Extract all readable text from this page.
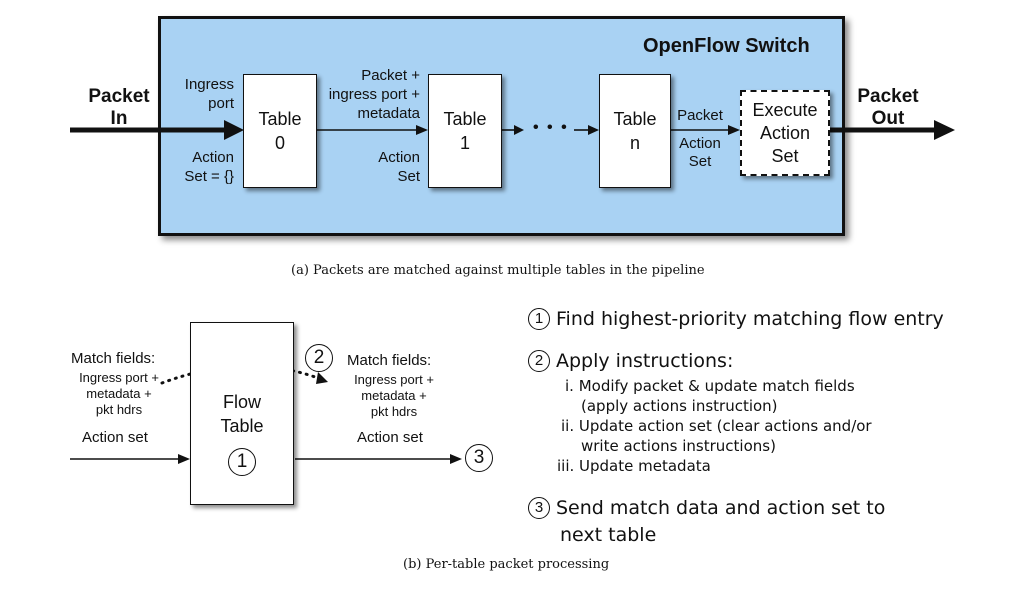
OpenFlow Switch
Packet
In
Ingress
port
Action
Set = {}
Table
0
Packet +
ingress port +
metadata
Action
Set
Table
1
• • • Table
n
Packet
Action
Set
Execute
Action
Set
Packet
Out
(a) Packets are matched against multiple tables in the pipeline
Match fields:
Ingress port +
metadata +
pkt hdrs
Action set
Flow
Table
1
2	Match fields:
Ingress port +
metadata +
pkt hdrs
Action set
3
(b) Per-table packet processing
1 Find highest-priority matching flow entry
2 Apply instructions:
i. Modify packet & update match fields
(apply actions instruction)
ii. Update action set (clear actions and/or
write actions instructions)
iii. Update metadata
3 Send match data and action set to
next table
